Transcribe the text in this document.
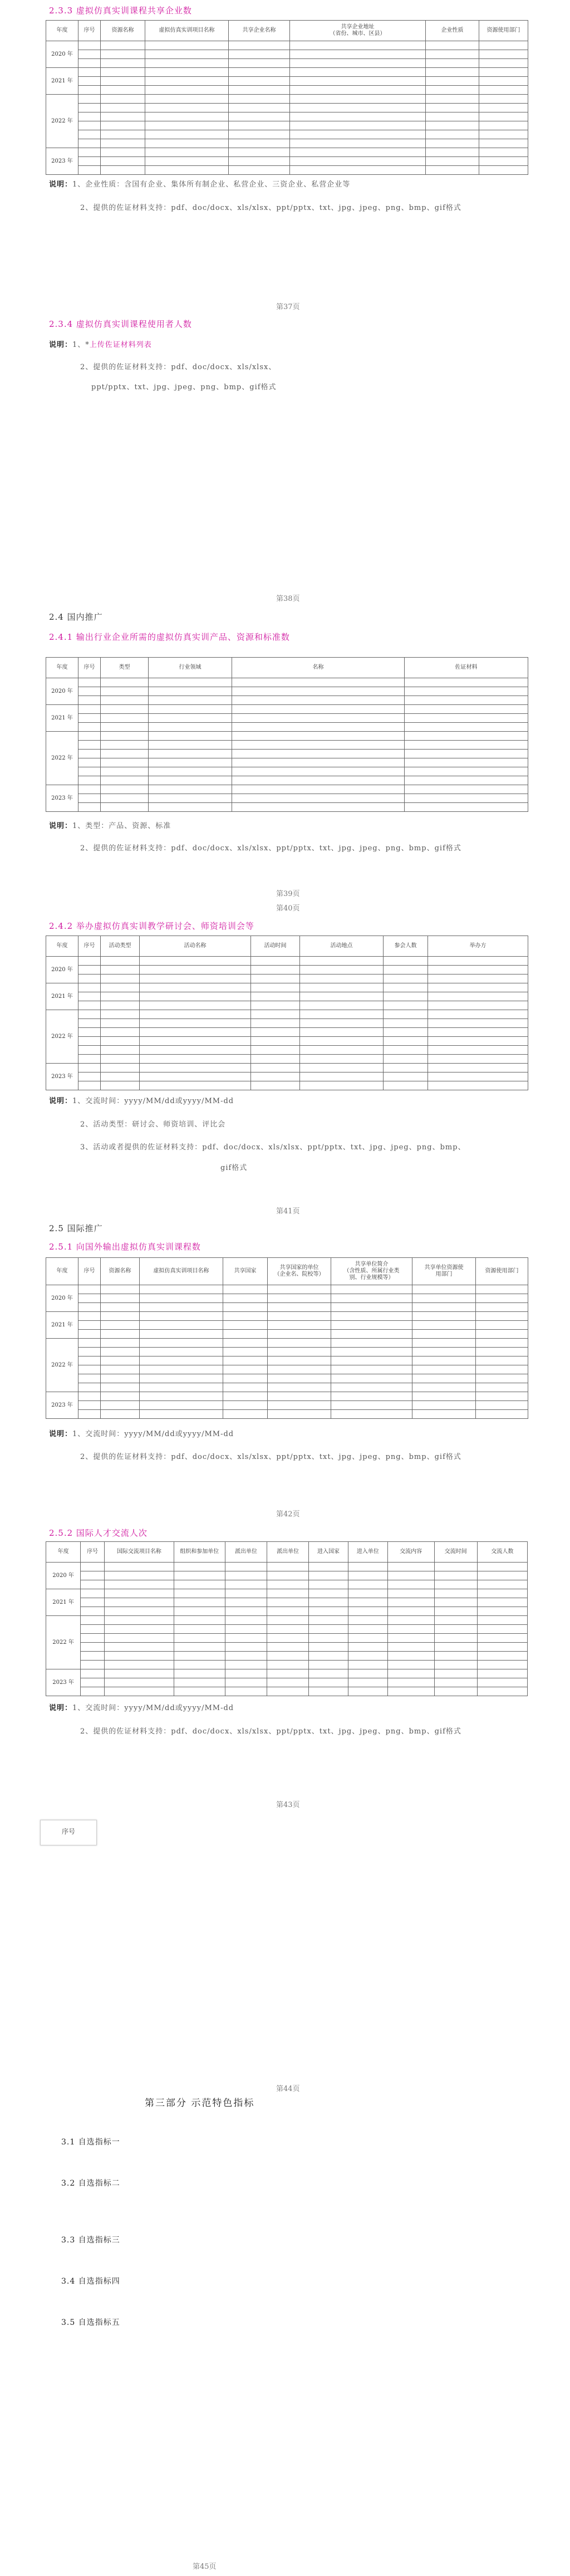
2.3.3 虚拟仿真实训课程共享企业数
年度	序号	资源名称	虚拟仿真实训项目名称	共享企业名称	共享企业地址
（省份、城市、区县）	企业性质	资源使用部门
2020 年							

2021 年							

2022 年							

2023 年							

说明：1、企业性质：含国有企业、集体所有制企业、私营企业、三资企业、私营企业等
2、提供的佐证材料支持：pdf、doc/docx、xls/xlsx、ppt/pptx、txt、jpg、jpeg、png、bmp、gif格式
第37页
2.3.4 虚拟仿真实训课程使用者人数
说明：1、*上传佐证材料列表
2、提供的佐证材料支持：pdf、doc/docx、xls/xlsx、
ppt/pptx、txt、jpg、jpeg、png、bmp、gif格式
第38页
2.4 国内推广
2.4.1 输出行业企业所需的虚拟仿真实训产品、资源和标准数
年度	序号	类型	行业领域	名称	佐证材料
2020 年					

2021 年					

2022 年					

2023 年					

说明：1、类型：产品、资源、标准
2、提供的佐证材料支持：pdf、doc/docx、xls/xlsx、ppt/pptx、txt、jpg、jpeg、png、bmp、gif格式
第39页
第40页
2.4.2 举办虚拟仿真实训教学研讨会、师资培训会等
年度	序号	活动类型	活动名称	活动时间	活动地点	参会人数	举办方
2020 年							

2021 年							

2022 年							

2023 年							

说明：1、交流时间：yyyy/MM/dd或yyyy/MM-dd
2、活动类型：研讨会、师资培训、评比会
3、活动或者提供的佐证材料支持：pdf、doc/docx、xls/xlsx、ppt/pptx、txt、jpg、jpeg、png、bmp、
gif格式
第41页
2.5 国际推广
2.5.1 向国外输出虚拟仿真实训课程数
年度	序号	资源名称	虚拟仿真实训项目名称	共享国家	共享国家的单位
（企业名、院校等）	共享单位简介
（含性质、所属行业类
别、行业规模等）	共享单位资源使
用部门	资源使用部门	
2020 年									

2021 年									

2022 年									

2023 年									

说明：1、交流时间：yyyy/MM/dd或yyyy/MM-dd
2、提供的佐证材料支持：pdf、doc/docx、xls/xlsx、ppt/pptx、txt、jpg、jpeg、png、bmp、gif格式
第42页
2.5.2 国际人才交流人次
年度	序号	国际交流项目名称	组织和参加单位	派出单位	派出单位	进入国家	进入单位	交流内容	交流时间	交流人数
2020 年										

2021 年										

2022 年										

2023 年										

说明：1、交流时间：yyyy/MM/dd或yyyy/MM-dd
2、提供的佐证材料支持：pdf、doc/docx、xls/xlsx、ppt/pptx、txt、jpg、jpeg、png、bmp、gif格式
第43页
序号
第44页
第三部分 示范特色指标
3.1 自选指标一
3.2 自选指标二
3.3 自选指标三
3.4 自选指标四
3.5 自选指标五
第45页
